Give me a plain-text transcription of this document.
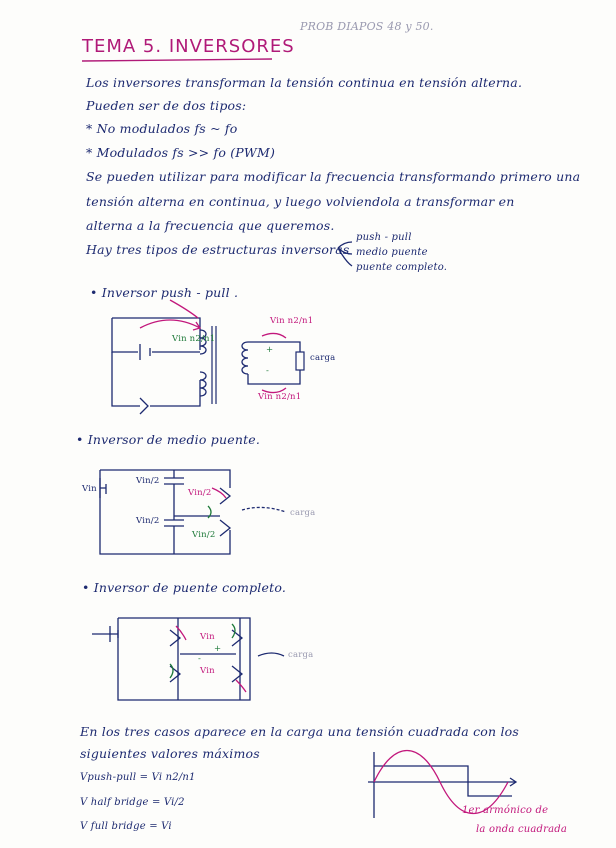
PROB DIAPOS 48 y 50.
TEMA 5. INVERSORES
Los inversores transforman la tensión continua en tensión alterna.
Pueden ser de dos tipos:
* No modulados fs ~ fo
* Modulados fs >> fo (PWM)
Se pueden utilizar para modificar la frecuencia transformando primero una
tensión alterna en continua, y luego volviendola a transformar en
alterna a la frecuencia que queremos.
Hay tres tipos de estructuras inversoras
push - pull
medio puente
puente completo.
• Inversor push - pull .
Vin n2/n1
Vin n2/n1
Vin n2/n1
carga
+
-
• Inversor de medio puente.
Vin
Vin/2
Vin/2
Vin/2
Vin/2
carga
• Inversor de puente completo.
Vin
Vin
+
-	carga
En los tres casos aparece en la carga una tensión cuadrada con los
siguientes valores máximos
Vpush-pull = Vi n2/n1
V half bridge = Vi/2
V full bridge = Vi
1er armónico de
la onda cuadrada
